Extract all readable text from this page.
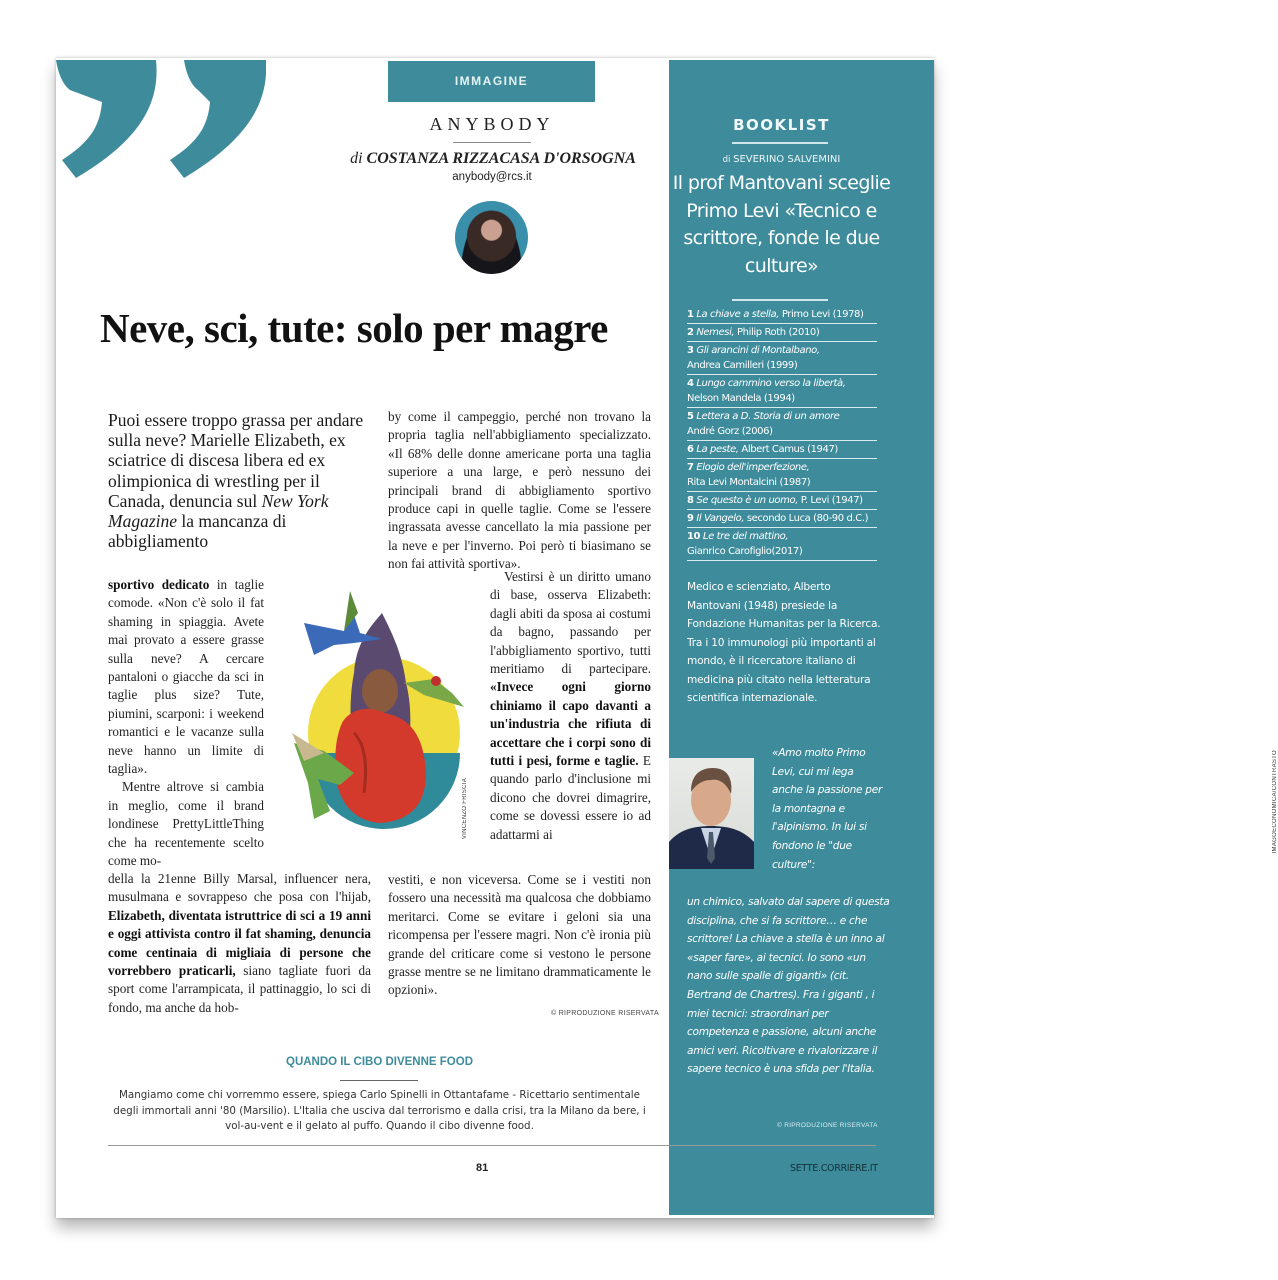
IMMAGINE
ANYBODY
di COSTANZA RIZZACASA D'ORSOGNA
anybody@rcs.it
Neve, sci, tute: solo per magre
Puoi essere troppo grassa per andare sulla neve? Marielle Elizabeth, ex sciatrice di discesa libera ed ex olimpionica di wrestling per il Canada, denuncia sul New York Magazine la mancanza di abbigliamento

sportivo dedicato in taglie comode. «Non c'è solo il fat shaming in spiaggia. Avete mai provato a essere grasse sulla neve? A cercare pantaloni o giacche da sci in taglie plus size? Tute, piumini, scarponi: i weekend romantici e le vacanze sulla neve hanno un limite di taglia».

Mentre altrove si cambia in meglio, come il brand londinese PrettyLittleThing che ha recentemente scelto come mo-

VINCENZO FRISCIA

della la 21enne Billy Marsal, influencer nera, musulmana e sovrappeso che posa con l'hijab, Elizabeth, diventata istruttrice di sci a 19 anni e oggi attivista contro il fat shaming, denuncia come centinaia di migliaia di persone che vorrebbero praticarli, siano tagliate fuori da sport come l'arrampicata, il pattinaggio, lo sci di fondo, ma anche da hob-

by come il campeggio, perché non trovano la propria taglia nell'abbigliamento specializzato. «Il 68% delle donne americane porta una taglia superiore a una large, e però nessuno dei principali brand di abbigliamento sportivo produce capi in quelle taglie. Come se l'essere ingrassata avesse cancellato la mia passione per la neve e per l'inverno. Poi però ti biasimano se non fai attività sportiva».

Vestirsi è un diritto umano di base, osserva Elizabeth: dagli abiti da sposa ai costumi da bagno, passando per l'abbigliamento sportivo, tutti meritiamo di partecipare. «Invece ogni giorno chiniamo il capo davanti a un'industria che rifiuta di accettare che i corpi sono di tutti i pesi, forme e taglie. E quando parlo d'inclusione mi dicono che dovrei dimagrire, come se dovessi essere io ad adattarmi ai

vestiti, e non viceversa. Come se i vestiti non fossero una necessità ma qualcosa che dobbiamo meritarci. Come se evitare i geloni sia una ricompensa per l'essere magri. Non c'è ironia più grande del criticare come si vestono le persone grasse mentre se ne limitano drammaticamente le opzioni».

© RIPRODUZIONE RISERVATA
QUANDO IL CIBO DIVENNE FOOD
Mangiamo come chi vorremmo essere, spiega Carlo Spinelli in Ottantafame - Ricettario sentimentale degli immortali anni '80 (Marsilio). L'Italia che usciva dal terrorismo e dalla crisi, tra la Milano da bere, i vol-au-vent e il gelato al puffo. Quando il cibo divenne food.
81
BOOKLIST
di SEVERINO SALVEMINI
Il prof Mantovani sceglie Primo Levi «Tecnico e scrittore, fonde le due culture»
1 La chiave a stella, Primo Levi (1978)
2 Nemesi, Philip Roth (2010)
3 Gli arancini di Montalbano,
Andrea Camilleri (1999)
4 Lungo cammino verso la libertà,
Nelson Mandela (1994)
5 Lettera a D. Storia di un amore
André Gorz (2006)
6 La peste, Albert Camus (1947)
7 Elogio dell'imperfezione,
Rita Levi Montalcini (1987)
8 Se questo è un uomo, P. Levi (1947)
9 Il Vangelo, secondo Luca (80-90 d.C.)
10 Le tre del mattino,
Gianrico Carofiglio(2017)
Medico e scienziato, Alberto Mantovani (1948) presiede la Fondazione Humanitas per la Ricerca. Tra i 10 immunologi più importanti al mondo, è il ricercatore italiano di medicina più citato nella letteratura scientifica internazionale.
IMAGOECONOMICA/CONTRASTO
«Amo molto Primo Levi, cui mi lega anche la passione per la montagna e l'alpinismo. In lui si fondono le "due culture":
un chimico, salvato dal sapere di questa disciplina, che si fa scrittore… e che scrittore! La chiave a stella è un inno al «saper fare», ai tecnici. Io sono «un nano sulle spalle di giganti» (cit. Bertrand de Chartres). Fra i giganti , i miei tecnici: straordinari per competenza e passione, alcuni anche amici veri. Ricoltivare e rivalorizzare il sapere tecnico è una sfida per l'Italia.
© RIPRODUZIONE RISERVATA
SETTE.CORRIERE.IT
